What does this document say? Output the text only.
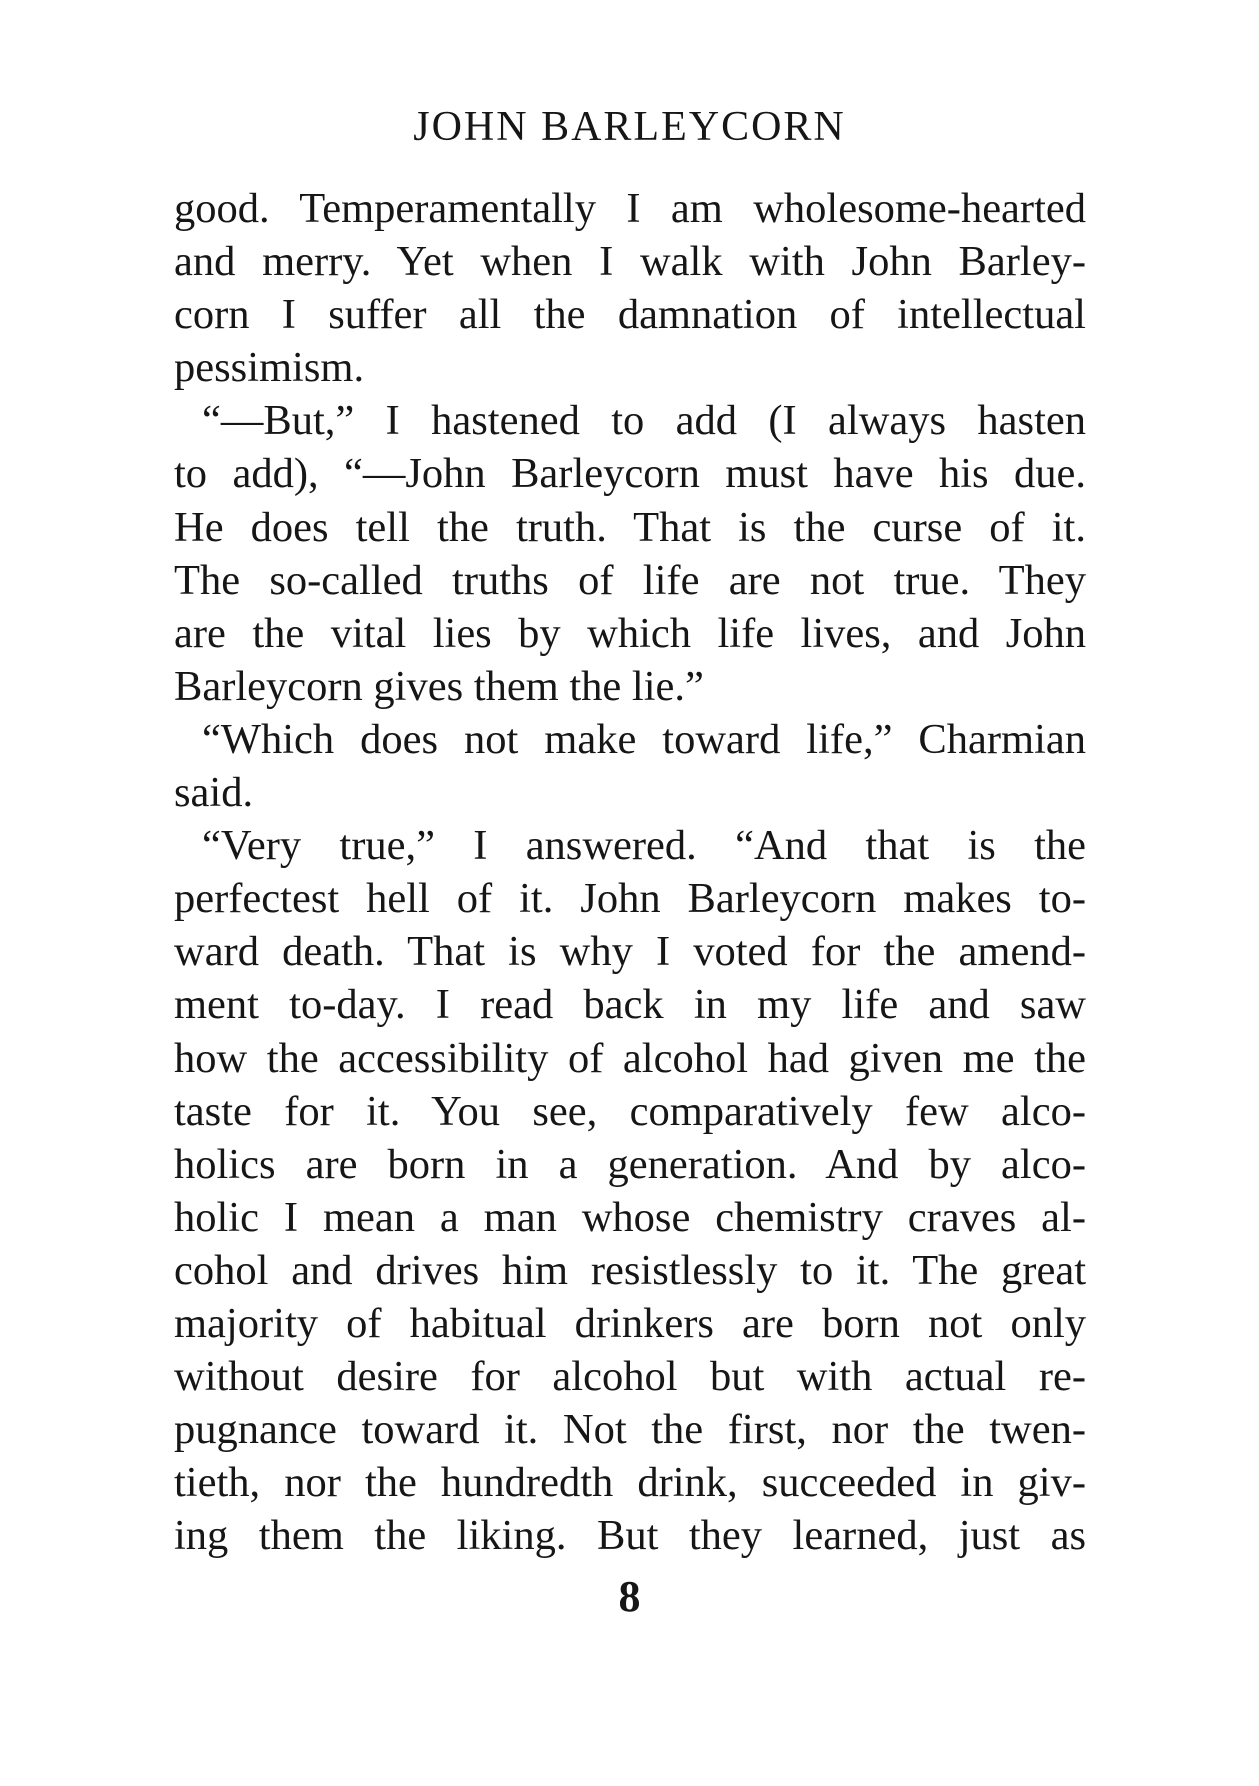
JOHN BARLEYCORN
good. Temperamentally I am wholesome-hearted
and merry. Yet when I walk with John Barley-
corn I suffer all the damnation of intellectual
pessimism.
“—But,” I hastened to add (I always hasten
to add), “—John Barleycorn must have his due.
He does tell the truth. That is the curse of it.
The so-called truths of life are not true. They
are the vital lies by which life lives, and John
Barleycorn gives them the lie.”
“Which does not make toward life,” Charmian
said.
“Very true,” I answered. “And that is the
perfectest hell of it. John Barleycorn makes to-
ward death. That is why I voted for the amend-
ment to-day. I read back in my life and saw
how the accessibility of alcohol had given me the
taste for it. You see, comparatively few alco-
holics are born in a generation. And by alco-
holic I mean a man whose chemistry craves al-
cohol and drives him resistlessly to it. The great
majority of habitual drinkers are born not only
without desire for alcohol but with actual re-
pugnance toward it. Not the first, nor the twen-
tieth, nor the hundredth drink, succeeded in giv-
ing them the liking. But they learned, just as
8
